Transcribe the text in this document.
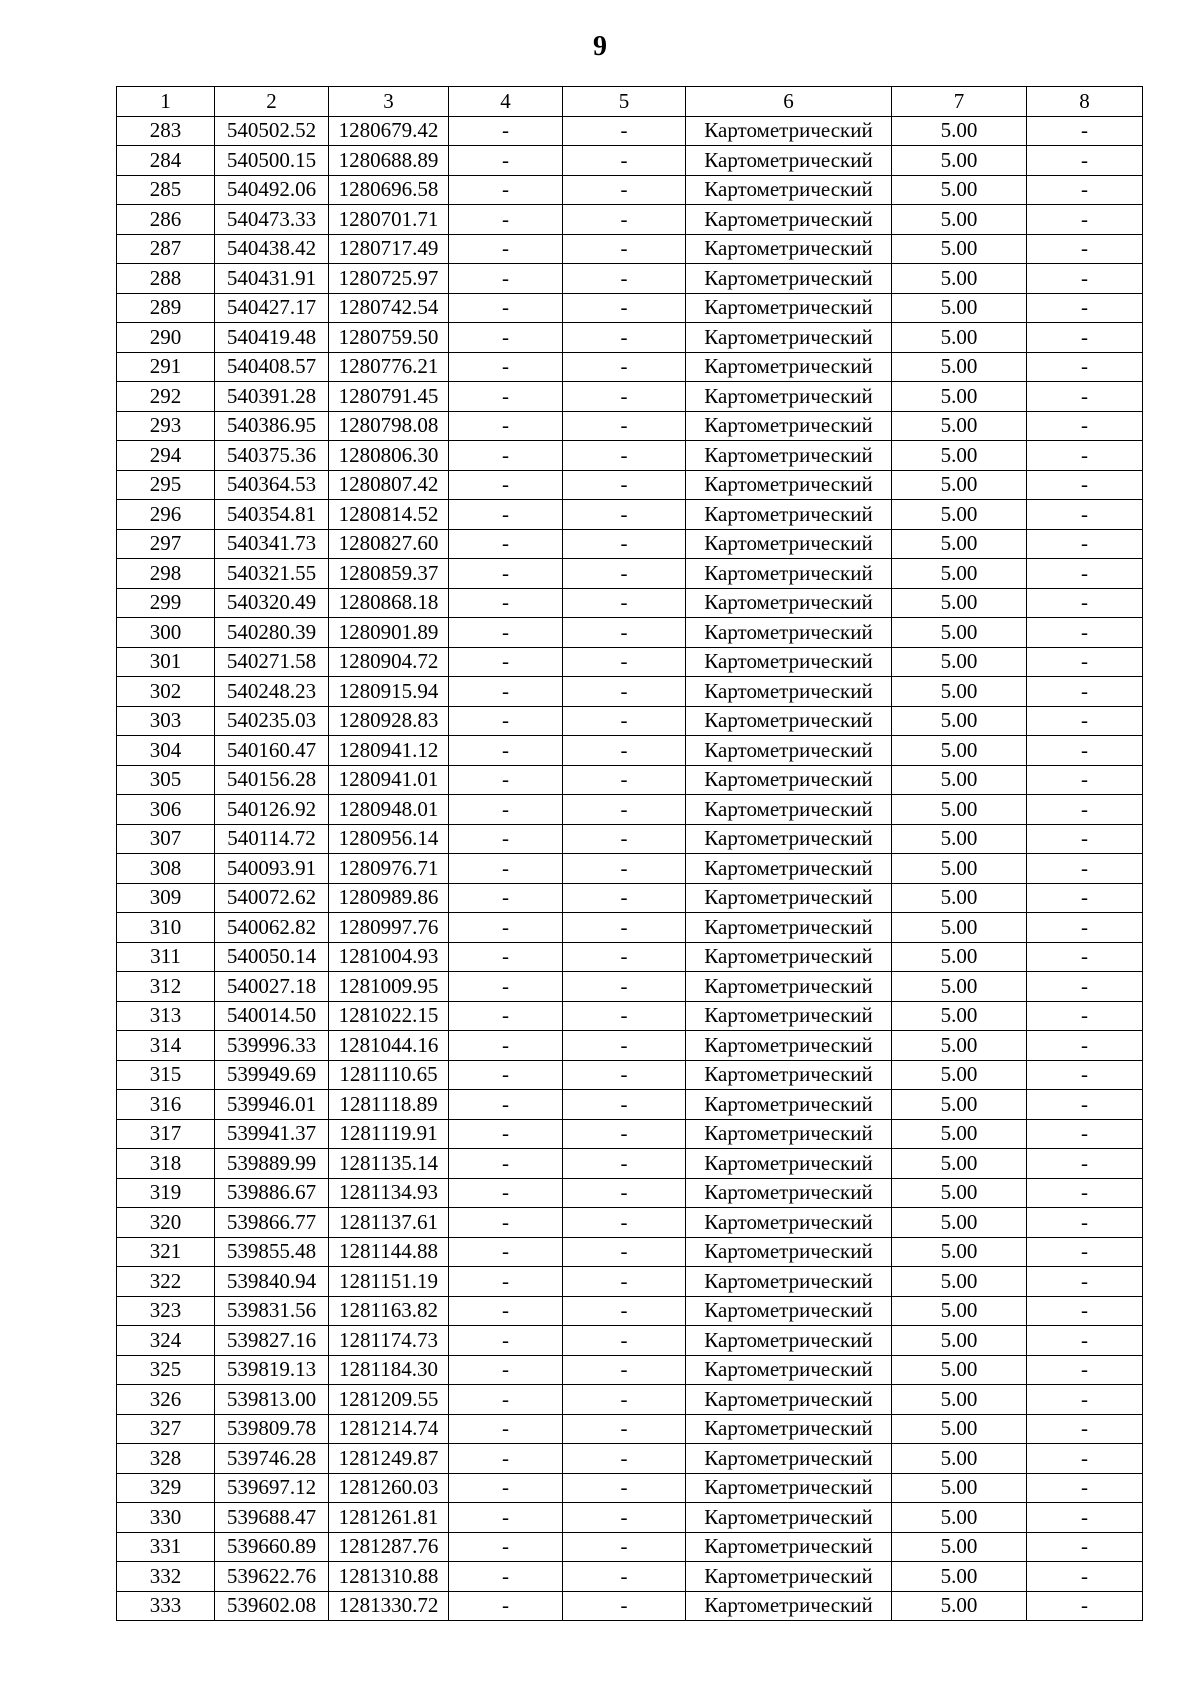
9
1	2	3	4	5	6	7	8
283	540502.52	1280679.42	-	-	Картометрический	5.00	-
284	540500.15	1280688.89	-	-	Картометрический	5.00	-
285	540492.06	1280696.58	-	-	Картометрический	5.00	-
286	540473.33	1280701.71	-	-	Картометрический	5.00	-
287	540438.42	1280717.49	-	-	Картометрический	5.00	-
288	540431.91	1280725.97	-	-	Картометрический	5.00	-
289	540427.17	1280742.54	-	-	Картометрический	5.00	-
290	540419.48	1280759.50	-	-	Картометрический	5.00	-
291	540408.57	1280776.21	-	-	Картометрический	5.00	-
292	540391.28	1280791.45	-	-	Картометрический	5.00	-
293	540386.95	1280798.08	-	-	Картометрический	5.00	-
294	540375.36	1280806.30	-	-	Картометрический	5.00	-
295	540364.53	1280807.42	-	-	Картометрический	5.00	-
296	540354.81	1280814.52	-	-	Картометрический	5.00	-
297	540341.73	1280827.60	-	-	Картометрический	5.00	-
298	540321.55	1280859.37	-	-	Картометрический	5.00	-
299	540320.49	1280868.18	-	-	Картометрический	5.00	-
300	540280.39	1280901.89	-	-	Картометрический	5.00	-
301	540271.58	1280904.72	-	-	Картометрический	5.00	-
302	540248.23	1280915.94	-	-	Картометрический	5.00	-
303	540235.03	1280928.83	-	-	Картометрический	5.00	-
304	540160.47	1280941.12	-	-	Картометрический	5.00	-
305	540156.28	1280941.01	-	-	Картометрический	5.00	-
306	540126.92	1280948.01	-	-	Картометрический	5.00	-
307	540114.72	1280956.14	-	-	Картометрический	5.00	-
308	540093.91	1280976.71	-	-	Картометрический	5.00	-
309	540072.62	1280989.86	-	-	Картометрический	5.00	-
310	540062.82	1280997.76	-	-	Картометрический	5.00	-
311	540050.14	1281004.93	-	-	Картометрический	5.00	-
312	540027.18	1281009.95	-	-	Картометрический	5.00	-
313	540014.50	1281022.15	-	-	Картометрический	5.00	-
314	539996.33	1281044.16	-	-	Картометрический	5.00	-
315	539949.69	1281110.65	-	-	Картометрический	5.00	-
316	539946.01	1281118.89	-	-	Картометрический	5.00	-
317	539941.37	1281119.91	-	-	Картометрический	5.00	-
318	539889.99	1281135.14	-	-	Картометрический	5.00	-
319	539886.67	1281134.93	-	-	Картометрический	5.00	-
320	539866.77	1281137.61	-	-	Картометрический	5.00	-
321	539855.48	1281144.88	-	-	Картометрический	5.00	-
322	539840.94	1281151.19	-	-	Картометрический	5.00	-
323	539831.56	1281163.82	-	-	Картометрический	5.00	-
324	539827.16	1281174.73	-	-	Картометрический	5.00	-
325	539819.13	1281184.30	-	-	Картометрический	5.00	-
326	539813.00	1281209.55	-	-	Картометрический	5.00	-
327	539809.78	1281214.74	-	-	Картометрический	5.00	-
328	539746.28	1281249.87	-	-	Картометрический	5.00	-
329	539697.12	1281260.03	-	-	Картометрический	5.00	-
330	539688.47	1281261.81	-	-	Картометрический	5.00	-
331	539660.89	1281287.76	-	-	Картометрический	5.00	-
332	539622.76	1281310.88	-	-	Картометрический	5.00	-
333	539602.08	1281330.72	-	-	Картометрический	5.00	-
